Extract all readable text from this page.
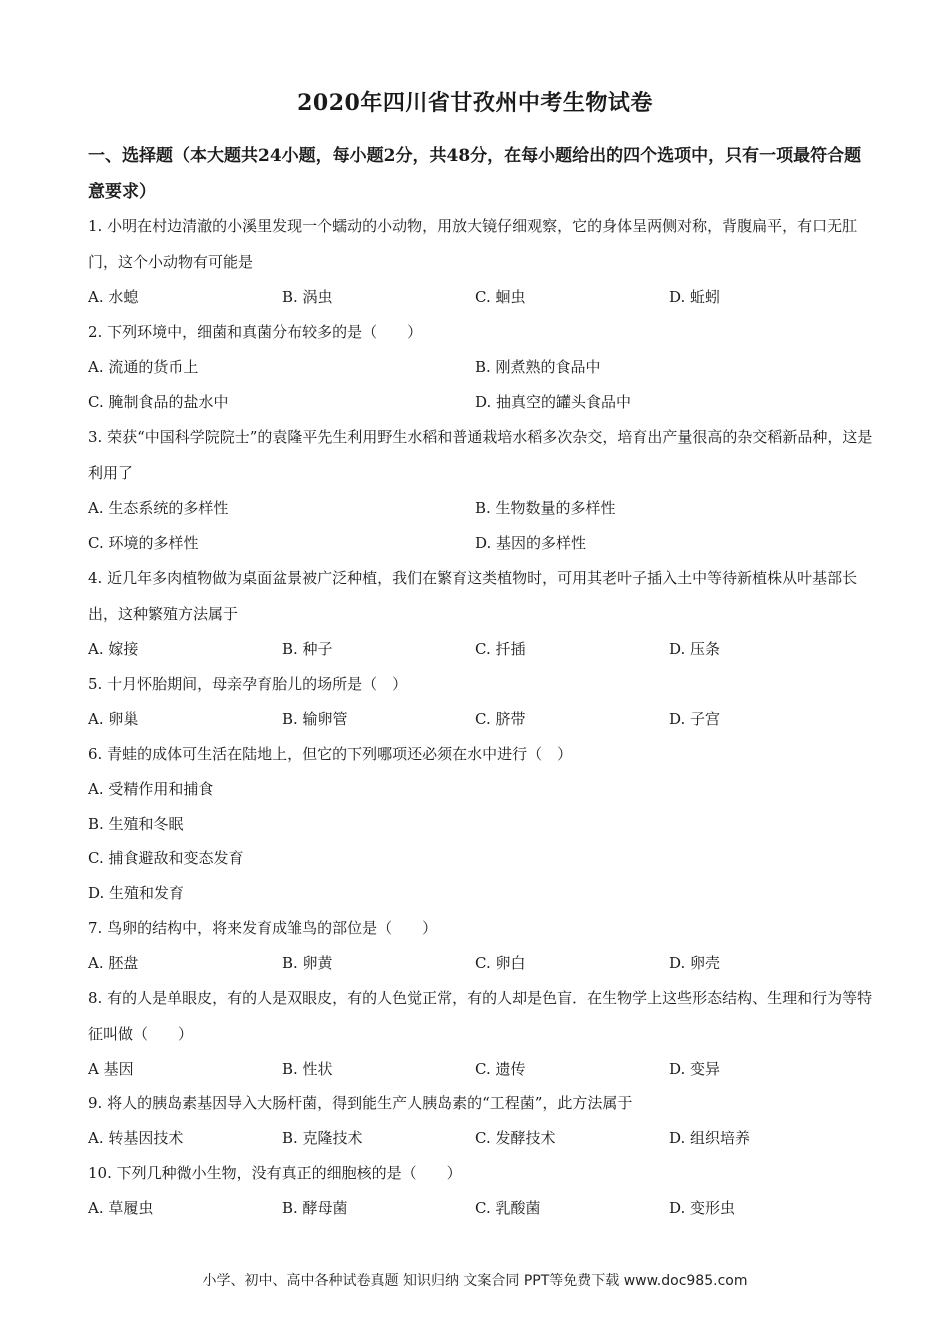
2020年四川省甘孜州中考生物试卷
一、选择题（本大题共24小题，每小题2分，共48分，在每小题给出的四个选项中，只有一项最符合题意要求）
1. 小明在村边清澈的小溪里发现一个蠕动的小动物，用放大镜仔细观察，它的身体呈两侧对称，背腹扁平，有口无肛门，这个小动物有可能是
A. 水螅	B. 涡虫	C. 蛔虫	D. 蚯蚓
2. 下列环境中，细菌和真菌分布较多的是（　　）
A. 流通的货币上	B. 刚煮熟的食品中
C. 腌制食品的盐水中	D. 抽真空的罐头食品中
3. 荣获“中国科学院院士”的袁隆平先生利用野生水稻和普通栽培水稻多次杂交，培育出产量很高的杂交稻新品种，这是利用了
A. 生态系统的多样性	B. 生物数量的多样性
C. 环境的多样性	D. 基因的多样性
4. 近几年多肉植物做为桌面盆景被广泛种植，我们在繁育这类植物时，可用其老叶子插入土中等待新植株从叶基部长出，这种繁殖方法属于
A. 嫁接	B. 种子	C. 扦插	D. 压条
5. 十月怀胎期间，母亲孕育胎儿的场所是（　）
A. 卵巢	B. 输卵管	C. 脐带	D. 子宫
6. 青蛙的成体可生活在陆地上，但它的下列哪项还必须在水中进行（　）
A. 受精作用和捕食
B. 生殖和冬眠
C. 捕食避敌和变态发育
D. 生殖和发育
7. 鸟卵的结构中，将来发育成雏鸟的部位是（　　）
A. 胚盘	B. 卵黄	C. 卵白	D. 卵壳
8. 有的人是单眼皮，有的人是双眼皮，有的人色觉正常，有的人却是色盲．在生物学上这些形态结构、生理和行为等特征叫做（　　）
A 基因	B. 性状	C. 遗传	D. 变异
9. 将人的胰岛素基因导入大肠杆菌，得到能生产人胰岛素的“工程菌”，此方法属于
A. 转基因技术	B. 克隆技术	C. 发酵技术	D. 组织培养
10. 下列几种微小生物，没有真正的细胞核的是（　　）
A. 草履虫	B. 酵母菌	C. 乳酸菌	D. 变形虫
小学、初中、高中各种试卷真题 知识归纳 文案合同 PPT等免费下载 www.doc985.com
